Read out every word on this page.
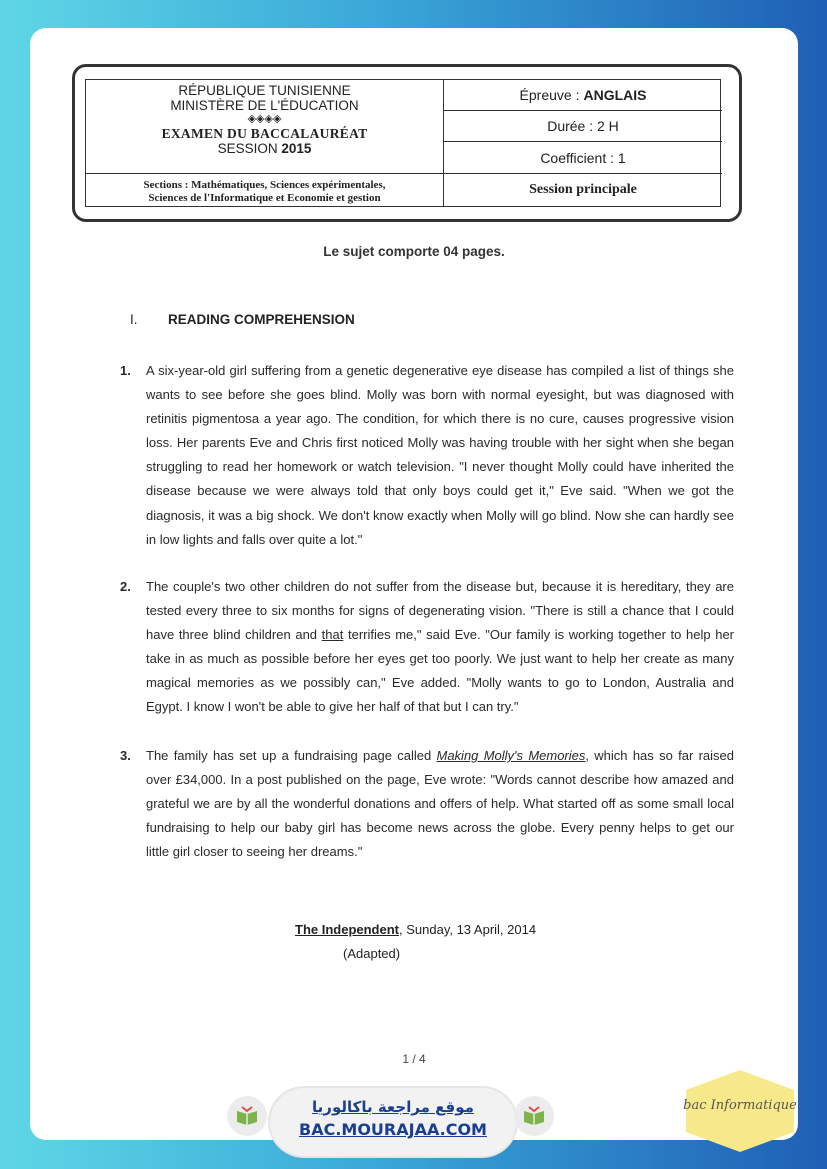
RÉPUBLIQUE TUNISIENNE
MINISTÈRE DE L'ÉDUCATION
◈◈◈◈
EXAMEN DU BACCALAURÉAT
SESSION 2015
Sections : Mathématiques, Sciences expérimentales,
Sciences de l'Informatique et Economie et gestion
Épreuve : ANGLAIS
Durée : 2 H
Coefficient : 1
Session principale
Le sujet comporte 04 pages.
I. READING COMPREHENSION
1. A six-year-old girl suffering from a genetic degenerative eye disease has compiled a list of things she wants to see before she goes blind. Molly was born with normal eyesight, but was diagnosed with retinitis pigmentosa a year ago. The condition, for which there is no cure, causes progressive vision loss. Her parents Eve and Chris first noticed Molly was having trouble with her sight when she began struggling to read her homework or watch television. "I never thought Molly could have inherited the disease because we were always told that only boys could get it," Eve said. "When we got the diagnosis, it was a big shock. We don't know exactly when Molly will go blind. Now she can hardly see in low lights and falls over quite a lot."
2. The couple's two other children do not suffer from the disease but, because it is hereditary, they are tested every three to six months for signs of degenerating vision. "There is still a chance that I could have three blind children and that terrifies me," said Eve. "Our family is working together to help her take in as much as possible before her eyes get too poorly. We just want to help her create as many magical memories as we possibly can," Eve added. "Molly wants to go to London, Australia and Egypt. I know I won't be able to give her half of that but I can try."
3. The family has set up a fundraising page called Making Molly's Memories, which has so far raised over £34,000. In a post published on the page, Eve wrote: "Words cannot describe how amazed and grateful we are by all the wonderful donations and offers of help. What started off as some small local fundraising to help our baby girl has become news across the globe. Every penny helps to get our little girl closer to seeing her dreams."
The Independent, Sunday, 13 April, 2014
(Adapted)
1 / 4
موقع مراجعة باكالوريا
BAC.MOURAJAA.COM
bac Informatique
